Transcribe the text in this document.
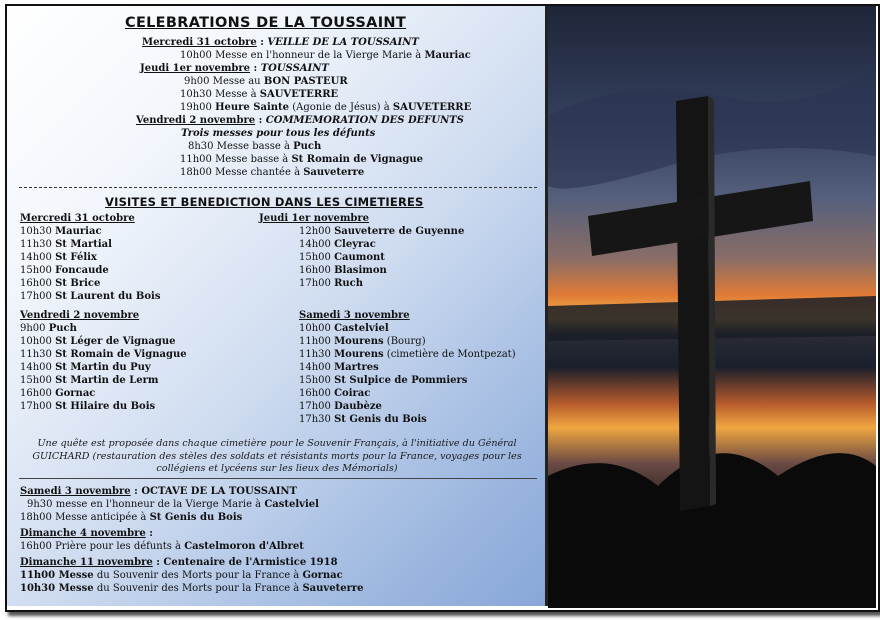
CELEBRATIONS DE LA TOUSSAINT
Mercredi 31 octobre : VEILLE DE LA TOUSSAINT
10h00 Messe en l'honneur de la Vierge Marie à Mauriac
Jeudi 1er novembre : TOUSSAINT
9h00 Messe au BON PASTEUR
10h30 Messe à SAUVETERRE
19h00 Heure Sainte (Agonie de Jésus) à SAUVETERRE
Vendredi 2 novembre : COMMEMORATION DES DEFUNTS
Trois messes pour tous les défunts
8h30 Messe basse à Puch
11h00 Messe basse à St Romain de Vignague
18h00 Messe chantée à Sauveterre
VISITES ET BENEDICTION DANS LES CIMETIERES
Mercredi 31 octobre
10h30 Mauriac
11h30 St Martial
14h00 St Félix
15h00 Foncaude
16h00 St Brice
17h00 St Laurent du Bois
Jeudi 1er novembre
12h00 Sauveterre de Guyenne
14h00 Cleyrac
15h00 Caumont
16h00 Blasimon
17h00 Ruch
Vendredi 2 novembre
9h00 Puch
10h00 St Léger de Vignague
11h30 St Romain de Vignague
14h00 St Martin du Puy
15h00 St Martin de Lerm
16h00 Gornac
17h00 St Hilaire du Bois
Samedi 3 novembre
10h00 Castelviel
11h00 Mourens (Bourg)
11h30 Mourens (cimetière de Montpezat)
14h00 Martres
15h00 St Sulpice de Pommiers
16h00 Coirac
17h00 Daubèze
17h30 St Genis du Bois
Une quête est proposée dans chaque cimetière pour le Souvenir Français, à l'initiative du Général GUICHARD (restauration des stèles des soldats et résistants morts pour la France, voyages pour les collégiens et lycéens sur les lieux des Mémorials)
Samedi 3 novembre : OCTAVE DE LA TOUSSAINT
9h30 messe en l'honneur de la Vierge Marie à Castelviel
18h00 Messe anticipée à St Genis du Bois
Dimanche 4 novembre :
16h00 Prière pour les défunts à Castelmoron d'Albret
Dimanche 11 novembre : Centenaire de l'Armistice 1918
11h00 Messe du Souvenir des Morts pour la France à Gornac
10h30 Messe du Souvenir des Morts pour la France à Sauveterre
